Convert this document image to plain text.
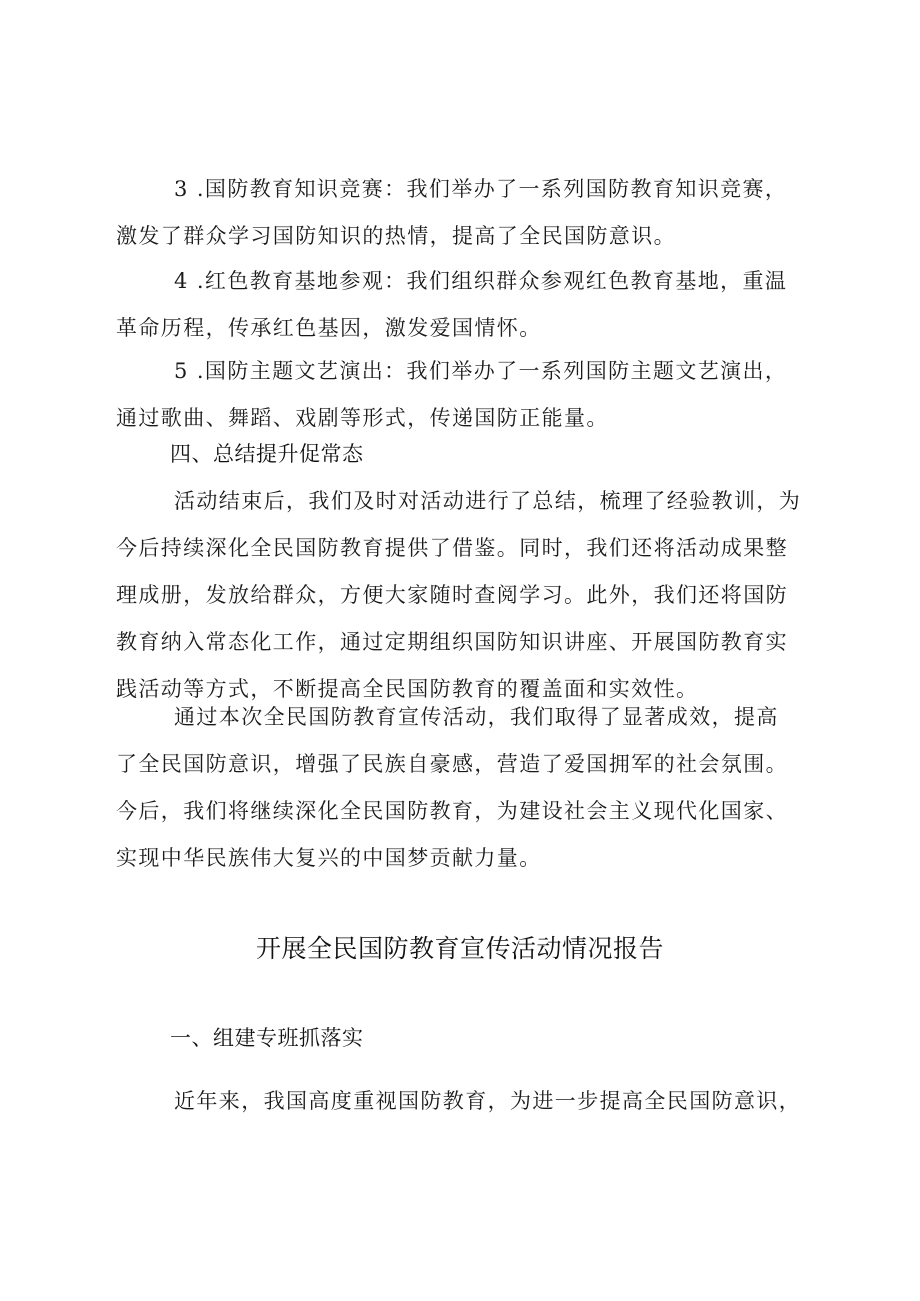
3 .国防教育知识竞赛：我们举办了一系列国防教育知识竞赛，
激发了群众学习国防知识的热情，提高了全民国防意识。
4 .红色教育基地参观：我们组织群众参观红色教育基地，重温
革命历程，传承红色基因，激发爱国情怀。
5 .国防主题文艺演出：我们举办了一系列国防主题文艺演出，
通过歌曲、舞蹈、戏剧等形式，传递国防正能量。
四、总结提升促常态
活动结束后，我们及时对活动进行了总结，梳理了经验教训，为
今后持续深化全民国防教育提供了借鉴。同时，我们还将活动成果整
理成册，发放给群众，方便大家随时查阅学习。此外，我们还将国防
教育纳入常态化工作，通过定期组织国防知识讲座、开展国防教育实
践活动等方式，不断提高全民国防教育的覆盖面和实效性。
通过本次全民国防教育宣传活动，我们取得了显著成效，提高
了全民国防意识，增强了民族自豪感，营造了爱国拥军的社会氛围。
今后，我们将继续深化全民国防教育，为建设社会主义现代化国家、
实现中华民族伟大复兴的中国梦贡献力量。
开展全民国防教育宣传活动情况报告
一、组建专班抓落实
近年来，我国高度重视国防教育，为进一步提高全民国防意识，
